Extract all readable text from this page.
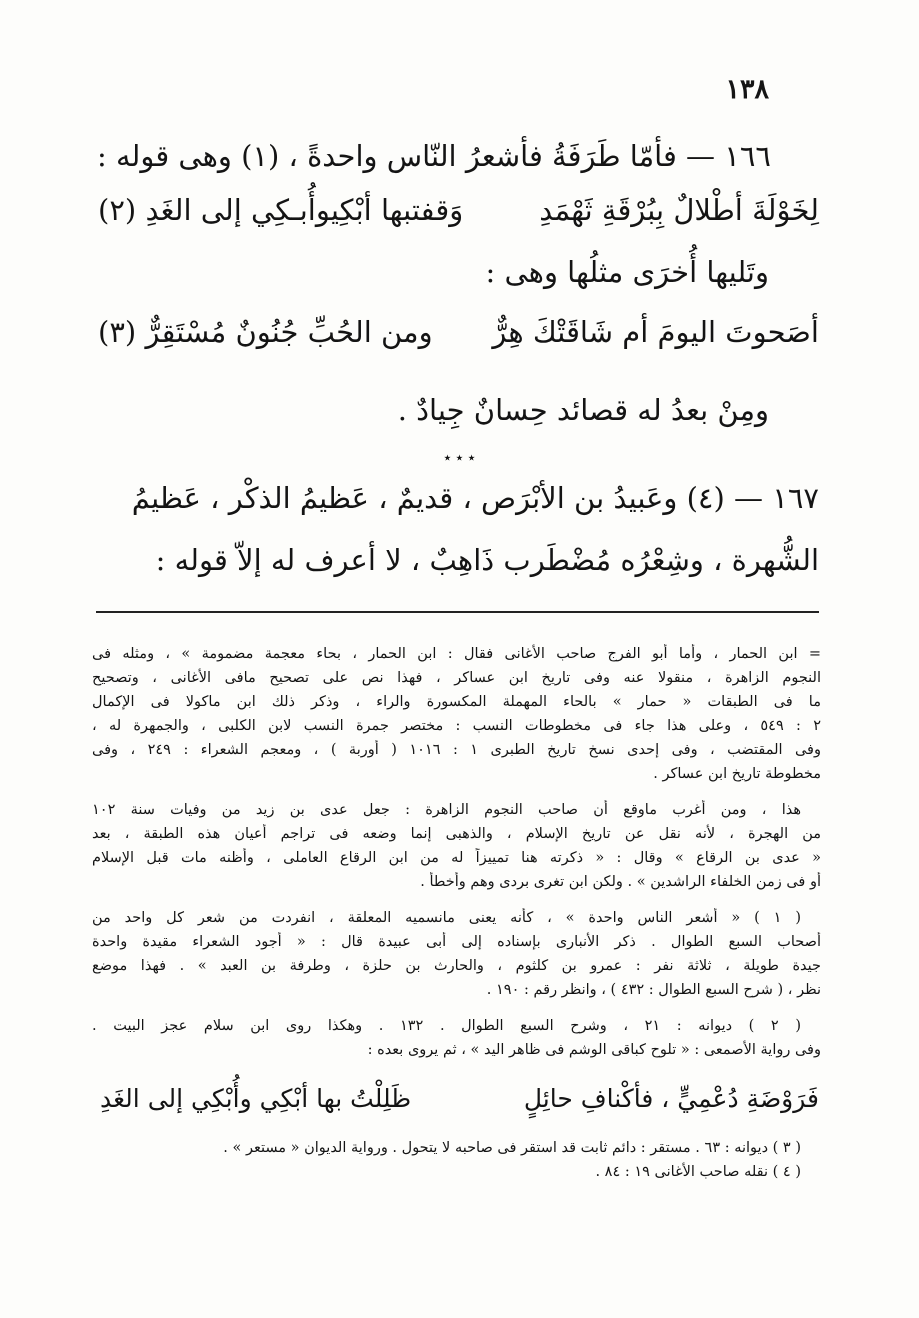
١٣٨
١٦٦ — فأمّا طَرَفَةُ فأشعرُ النّاس واحدةً ، (١) وهى قوله :
لِخَوْلَةَ أطْلالٌ بِبُرْقَةِ ثَهْمَدِ
وَقفتبها أبْكِيوأُبـكِي إلى الغَدِ (٢)
وتَليها أُخرَى مثلُها وهى :
أصَحوتَ اليومَ أم شَاقَتْكَ هِرٌّ
ومن الحُبِّ جُنُونٌ مُسْتَقِرٌّ (٣)
ومِنْ بعدُ له قصائد حِسانٌ جِيادٌ .
٭ ٭ ٭
١٦٧ — (٤) وعَبيدُ بن الأبْرَص ، قديمٌ ، عَظيمُ الذكْر ، عَظيمُ
الشُّهرة ، وشِعْرُه مُضْطَرب ذَاهِبٌ ، لا أعرف له إلاّ قوله :
= ابن الحمار ، وأما أبو الفرج صاحب الأغانى فقال : ابن الحمار ، بحاء معجمة مضمومة » ، ومثله فى
النجوم الزاهرة ، منقولا عنه وفى تاريخ ابن عساكر ، فهذا نص على تصحيح مافى الأغانى ، وتصحيح
ما فى الطبقات « حمار » بالحاء المهملة المكسورة والراء ، وذكر ذلك ابن ماكولا فى الإكمال
٢ : ٥٤٩ ، وعلى هذا جاء فى مخطوطات النسب : مختصر جمرة النسب لابن الكلبى ، والجمهرة له ،
وفى المقتضب ، وفى إحدى نسخ تاريخ الطبرى ١ : ١٠١٦ ( أوربة ) ، ومعجم الشعراء : ٢٤٩ ، وفى
مخطوطة تاريخ ابن عساكر .
هذا ، ومن أغرب ماوقع أن صاحب النجوم الزاهرة : جعل عدى بن زيد من وفيات سنة ١٠٢
من الهجرة ، لأنه نقل عن تاريخ الإسلام ، والذهبى إنما وضعه فى تراجم أعيان هذه الطبقة ، بعد
« عدى بن الرقاع » وقال : « ذكرته هنا تمييزاً له من ابن الرقاع العاملى ، وأظنه مات قبل الإسلام
أو فى زمن الخلفاء الراشدين » . ولكن ابن تغرى بردى وهم وأخطأ .
( ١ ) « أشعر الناس واحدة » ، كأنه يعنى مانسميه المعلقة ، انفردت من شعر كل واحد من
أصحاب السبع الطوال . ذكر الأنبارى بإسناده إلى أبى عبيدة قال : « أجود الشعراء مقيدة واحدة
جيدة طويلة ، ثلاثة نفر : عمرو بن كلثوم ، والحارث بن حلزة ، وطرفة بن العبد » . فهذا موضع
نظر ، ( شرح السبع الطوال : ٤٣٢ ) ، وانظر رقم : ١٩٠ .
( ٢ ) ديوانه : ٢١ ، وشرح السبع الطوال . ١٣٢ . وهكذا روى ابن سلام عجز البيت .
وفى رواية الأصمعى : « تلوح كباقى الوشم فى ظاهر اليد » ، ثم يروى بعده :
فَرَوْضَةِ دُعْمِيٍّ ، فأكْنافِ حائِلٍ
ظَلِلْتُ بها أبْكِي وأُبْكِي إلى الغَدِ
( ٣ ) ديوانه : ٦٣ . مستقر : دائم ثابت قد استقر فى صاحبه لا يتحول . ورواية الديوان « مستعر » .
( ٤ ) نقله صاحب الأغانى ١٩ : ٨٤ .
